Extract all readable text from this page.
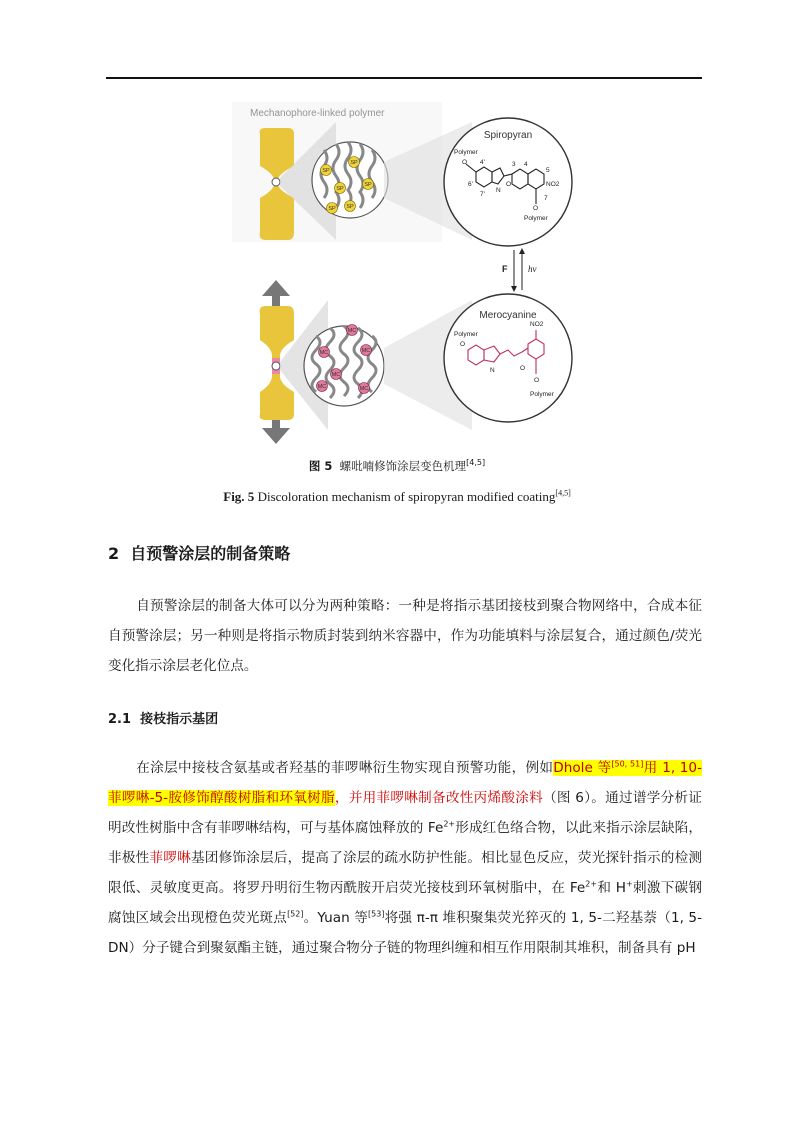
SP
SP
SP
SP
SP
SP
Spiropyran
Polymer
O
N
O	NO2
O
Polymer
4'	3 4
5
6'
7'
7
F hv
MC
MC	MC
MC
MC	MC
Merocyanine
Polymer
O
N
NO2
O
O
Polymer
图 5 螺吡喃修饰涂层变色机理[4,5]
Fig. 5 Discoloration mechanism of spiropyran modified coating[4,5]
2 自预警涂层的制备策略
自预警涂层的制备大体可以分为两种策略：一种是将指示基团接枝到聚合物网络中，合成本征自预警涂层；另一种则是将指示物质封装到纳米容器中，作为功能填料与涂层复合，通过颜色/荧光变化指示涂层老化位点。
2.1 接枝指示基团
在涂层中接枝含氨基或者羟基的菲啰啉衍生物实现自预警功能，例如Dhole 等[50, 51]用 1, 10-菲啰啉-5-胺修饰醇酸树脂和环氧树脂，并用菲啰啉制备改性丙烯酸涂料（图 6）。通过谱学分析证明改性树脂中含有菲啰啉结构，可与基体腐蚀释放的 $Fe^{2+}$形成红色络合物，以此来指示涂层缺陷，非极性菲啰啉基团修饰涂层后，提高了涂层的疏水防护性能。相比显色反应，荧光探针指示的检测限低、灵敏度更高。将罗丹明衍生物丙酰胺开启荧光接枝到环氧树脂中，在 $Fe^{2+}$和 H+刺激下碳钢腐蚀区域会出现橙色荧光斑点[52]。Yuan 等[53]将强 π-π 堆积聚集荧光猝灭的 1, 5-二羟基萘（1, 5-DN）分子键合到聚氨酯主链，通过聚合物分子链的物理纠缠和相互作用限制其堆积，制备具有 pH
